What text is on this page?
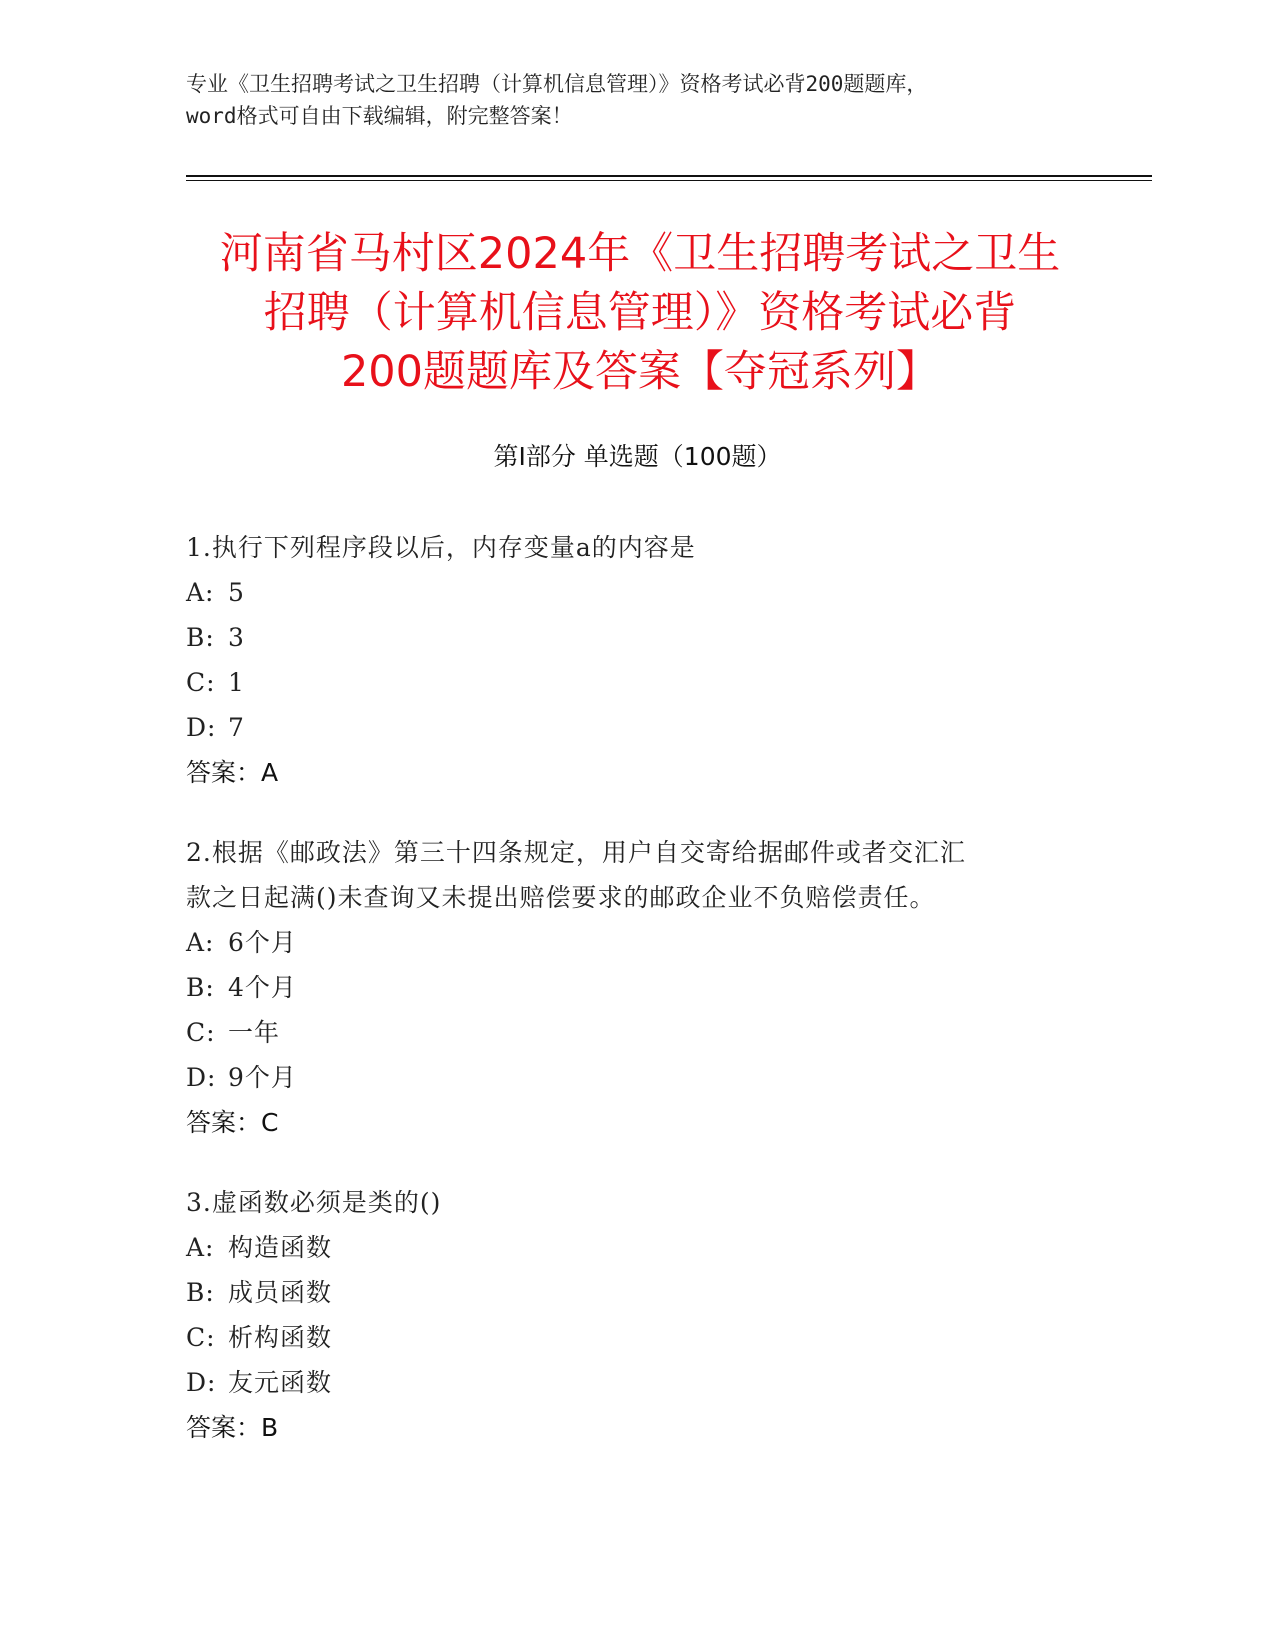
专业《卫生招聘考试之卫生招聘（计算机信息管理）》资格考试必背200题题库，
word格式可自由下载编辑，附完整答案！
河南省马村区2024年《卫生招聘考试之卫生
招聘（计算机信息管理）》资格考试必背
200题题库及答案【夺冠系列】
第Ⅰ部分 单选题（100题）
1.执行下列程序段以后，内存变量a的内容是
A: 5
B: 3
C: 1
D: 7
答案：A
2.根据《邮政法》第三十四条规定，用户自交寄给据邮件或者交汇汇
款之日起满()未查询又未提出赔偿要求的邮政企业不负赔偿责任。
A: 6个月
B: 4个月
C: 一年
D: 9个月
答案：C
3.虚函数必须是类的()
A: 构造函数
B: 成员函数
C: 析构函数
D: 友元函数
答案：B
